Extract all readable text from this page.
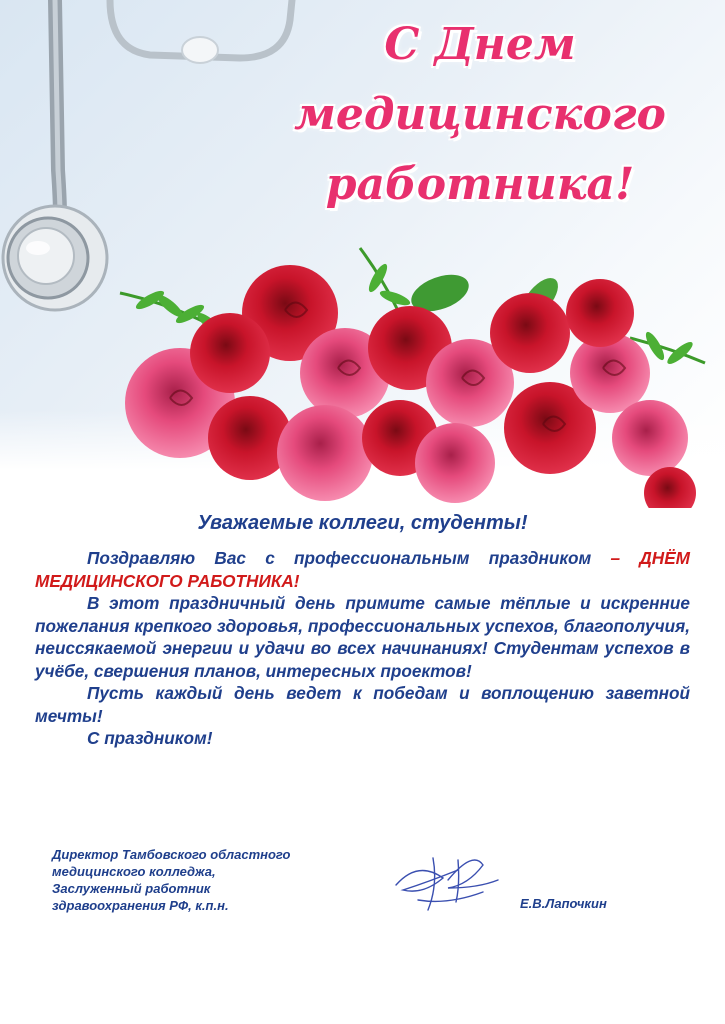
С Днем
медицинского
работника!
Уважаемые коллеги, студенты!

Поздравляю Вас с профессиональным праздником – ДНЁМ МЕДИЦИНСКОГО РАБОТНИКА!

В этот праздничный день примите самые тёплые и искренние пожелания крепкого здоровья, профессиональных успехов, благополучия, неиссякаемой энергии и удачи во всех начинаниях! Студентам успехов в учёбе, свершения планов, интересных проектов!

Пусть каждый день ведет к победам и воплощению заветной мечты!

С праздником!

Директор Тамбовского областного
медицинского колледжа,
Заслуженный работник
здравоохранения РФ, к.п.н.	Е.В.Лапочкин
